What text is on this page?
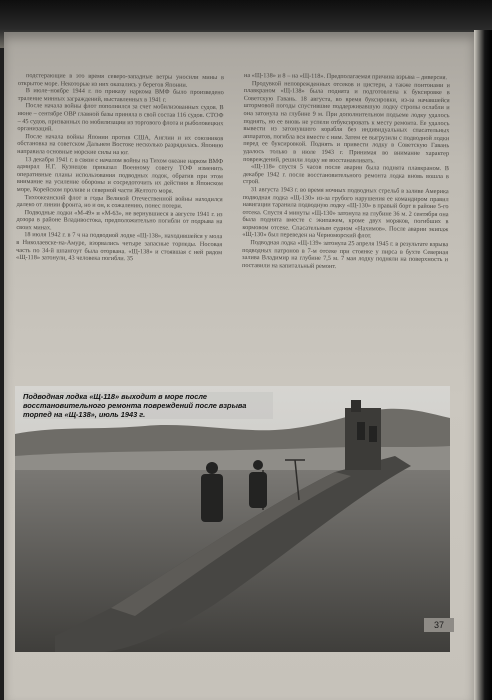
подстерающие в это время северо-западные ветры уносили мины в открытое море. Некоторые из них оказались у берегов Японии.

В июле–ноябре 1944 г. по приказу наркома ВМФ было произведено траление минных заграждений, выставленных в 1941 г.

После начала войны флот пополнился за счет мобилизованных судов. В июне – сентябре ОВР главной базы приняла в свой состав 116 судов. СТОФ – 45 судов, призванных по мобилизации из торгового флота и рыболовецких организаций.

После начала войны Японии против США, Англии и их союзников обстановка на советском Дальнем Востоке несколько разрядилась. Японию направила основные морские силы на юг.

13 декабря 1941 г. в связи с началом войны на Тихом океане нарком ВМФ адмирал Н.Г. Кузнецов приказал Военному совету ТОФ изменить оперативные планы использования подводных лодок, обратив при этом внимание на усиление обороны и сосредоточить их действия в Японском море, Корейском проливе и северной части Желтого моря.

Тихоокеанский флот в годы Великой Отечественной войны находился далеко от линии фронта, но и он, к сожалению, понес потери.

Подводные лодки «М-49» и «М-63», не вернувшиеся в августе 1941 г. из дозора в районе Владивостока, предположительно погибли от подрыва на своих минах.

18 июля 1942 г. в 7 ч на подводной лодке «Щ-138», находившейся у мола в Николаевске-на-Амуре, взорвались четыре запасные торпеды. Носовая часть по 34-й шпангоут была оторвана. «Щ-138» и стоявшая с ней рядом «Щ-118» затонули, 43 человека погибли. 35

на «Щ-138» и 8 – на «Щ-118». Предполагаемая причина взрыва – диверсия.

Продувкой неповрежденных отсеков и цистерн, а также понтонами и плавкраном «Щ-138» была поднята и подготовлена к буксировке в Советскую Гавань. 18 августа, во время буксировки, из-за начавшейся штормовой погоды спустившие поддерживавшую лодку стропы ослабли и она затонула на глубине 9 м. При дополнительном подъеме лодку удалось поднять, но ее вновь не успели отбуксировать к месту ремонта. Ее удалось вывести из затонувшего корабля без индивидуальных спасательных аппаратов, погибла вся вместе с ним. Затем ее выгрузили с подводной лодки перед ее буксировкой. Поднять и привести лодку в Советскую Гавань удалось только в июле 1943 г. Принимая во внимание характер повреждений, решили лодку не восстанавливать.

«Щ-118» спустя 5 часов после аварии была поднята плавкраном. В декабре 1942 г. после восстановительного ремонта лодка вновь вошла в строй.

31 августа 1943 г. во время ночных подводных стрельб в заливе Америка подводная лодка «Щ-130» из-за грубого нарушения ее командиром правил навигации таранила подводную лодку «Щ-130» в правый борт в районе 5-го отсека. Спустя 4 минуты «Щ-130» затонула на глубине 36 м. 2 сентября она была поднята вместе с экипажем, кроме двух моряков, погибших в кормовом отсеке. Спасательным судном «Нахимов». После аварии экипаж «Щ-130» был переведен на Черноморский флот.

Подводная лодка «Щ-139» затонула 25 апреля 1945 г. в результате взрыва подводных патронов в 7-м отсеке при стоянке у пирса в бухте Северная залива Владимир на глубине 7,5 м. 7 мая лодку подняли на поверхность и поставили на капитальный ремонт.

Подводная лодка «Щ-118» выходит в море после восстановительного ремонта повреждений после взрыва торпед на «Щ-138», июль 1943 г.
37
